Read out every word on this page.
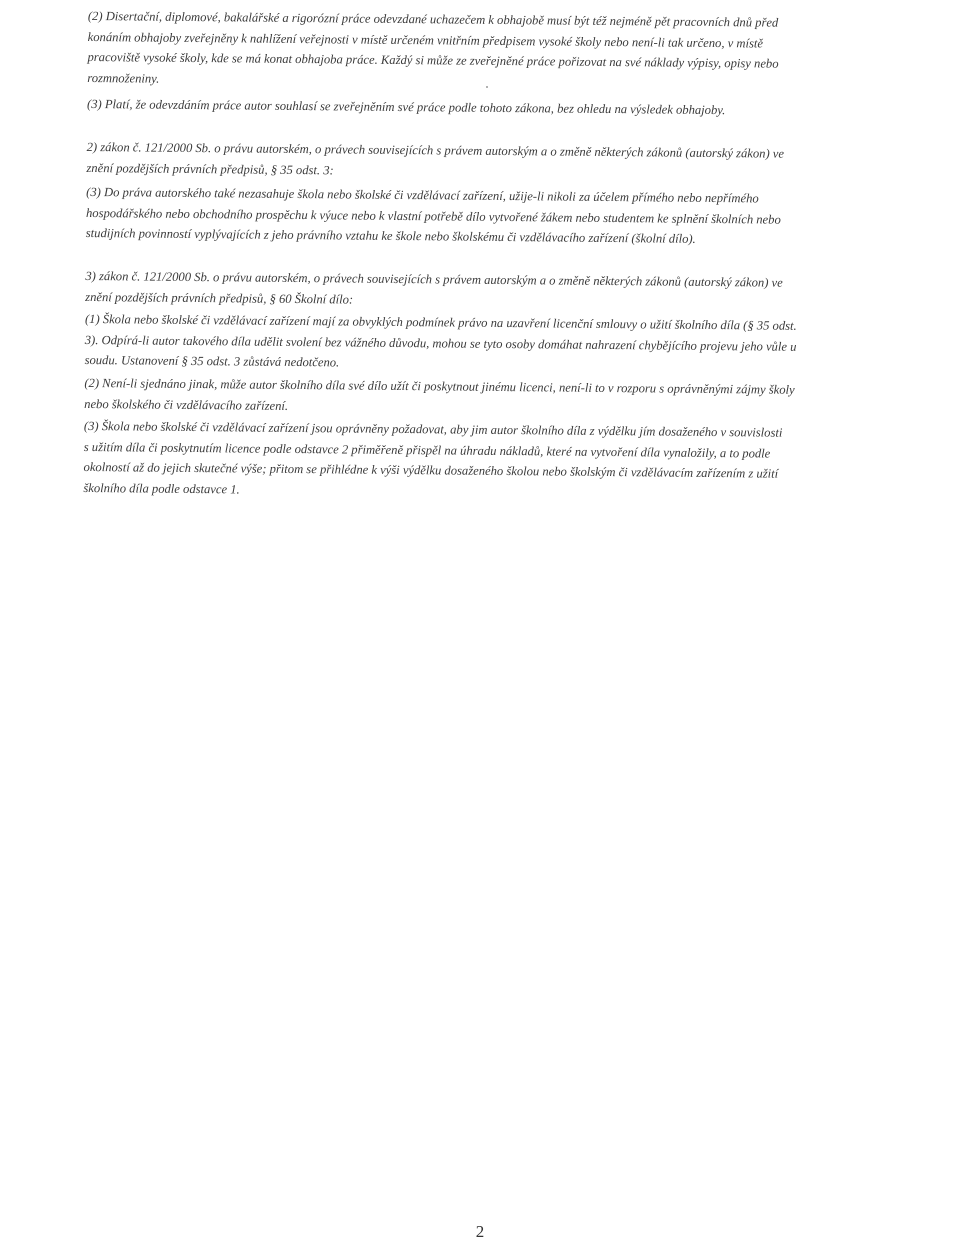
(2) Disertační, diplomové, bakalářské a rigorózní práce odevzdané uchazečem k obhajobě musí být též nejméně pět pracovních dnů před
konáním obhajoby zveřejněny k nahlížení veřejnosti v místě určeném vnitřním předpisem vysoké školy nebo není-li tak určeno, v místě
pracoviště vysoké školy, kde se má konat obhajoba práce. Každý si může ze zveřejněné práce pořizovat na své náklady výpisy, opisy nebo
rozmnoženiny.

(3) Platí, že odevzdáním práce autor souhlasí se zveřejněním své práce podle tohoto zákona, bez ohledu na výsledek obhajoby.

2) zákon č. 121/2000 Sb. o právu autorském, o právech souvisejících s právem autorským a o změně některých zákonů (autorský zákon) ve
znění pozdějších právních předpisů, § 35 odst. 3:

(3) Do práva autorského také nezasahuje škola nebo školské či vzdělávací zařízení, užije-li nikoli za účelem přímého nebo nepřímého
hospodářského nebo obchodního prospěchu k výuce nebo k vlastní potřebě dílo vytvořené žákem nebo studentem ke splnění školních nebo
studijních povinností vyplývajících z jeho právního vztahu ke škole nebo školskému či vzdělávacího zařízení (školní dílo).

3) zákon č. 121/2000 Sb. o právu autorském, o právech souvisejících s právem autorským a o změně některých zákonů (autorský zákon) ve
znění pozdějších právních předpisů, § 60 Školní dílo:

(1) Škola nebo školské či vzdělávací zařízení mají za obvyklých podmínek právo na uzavření licenční smlouvy o užití školního díla (§ 35 odst.
3). Odpírá-li autor takového díla udělit svolení bez vážného důvodu, mohou se tyto osoby domáhat nahrazení chybějícího projevu jeho vůle u
soudu. Ustanovení § 35 odst. 3 zůstává nedotčeno.

(2) Není-li sjednáno jinak, může autor školního díla své dílo užít či poskytnout jinému licenci, není-li to v rozporu s oprávněnými zájmy školy
nebo školského či vzdělávacího zařízení.

(3) Škola nebo školské či vzdělávací zařízení jsou oprávněny požadovat, aby jim autor školního díla z výdělku jím dosaženého v souvislosti
s užitím díla či poskytnutím licence podle odstavce 2 přiměřeně přispěl na úhradu nákladů, které na vytvoření díla vynaložily, a to podle
okolností až do jejich skutečné výše; přitom se přihlédne k výši výdělku dosaženého školou nebo školským či vzdělávacím zařízením z užití
školního díla podle odstavce 1.

2
